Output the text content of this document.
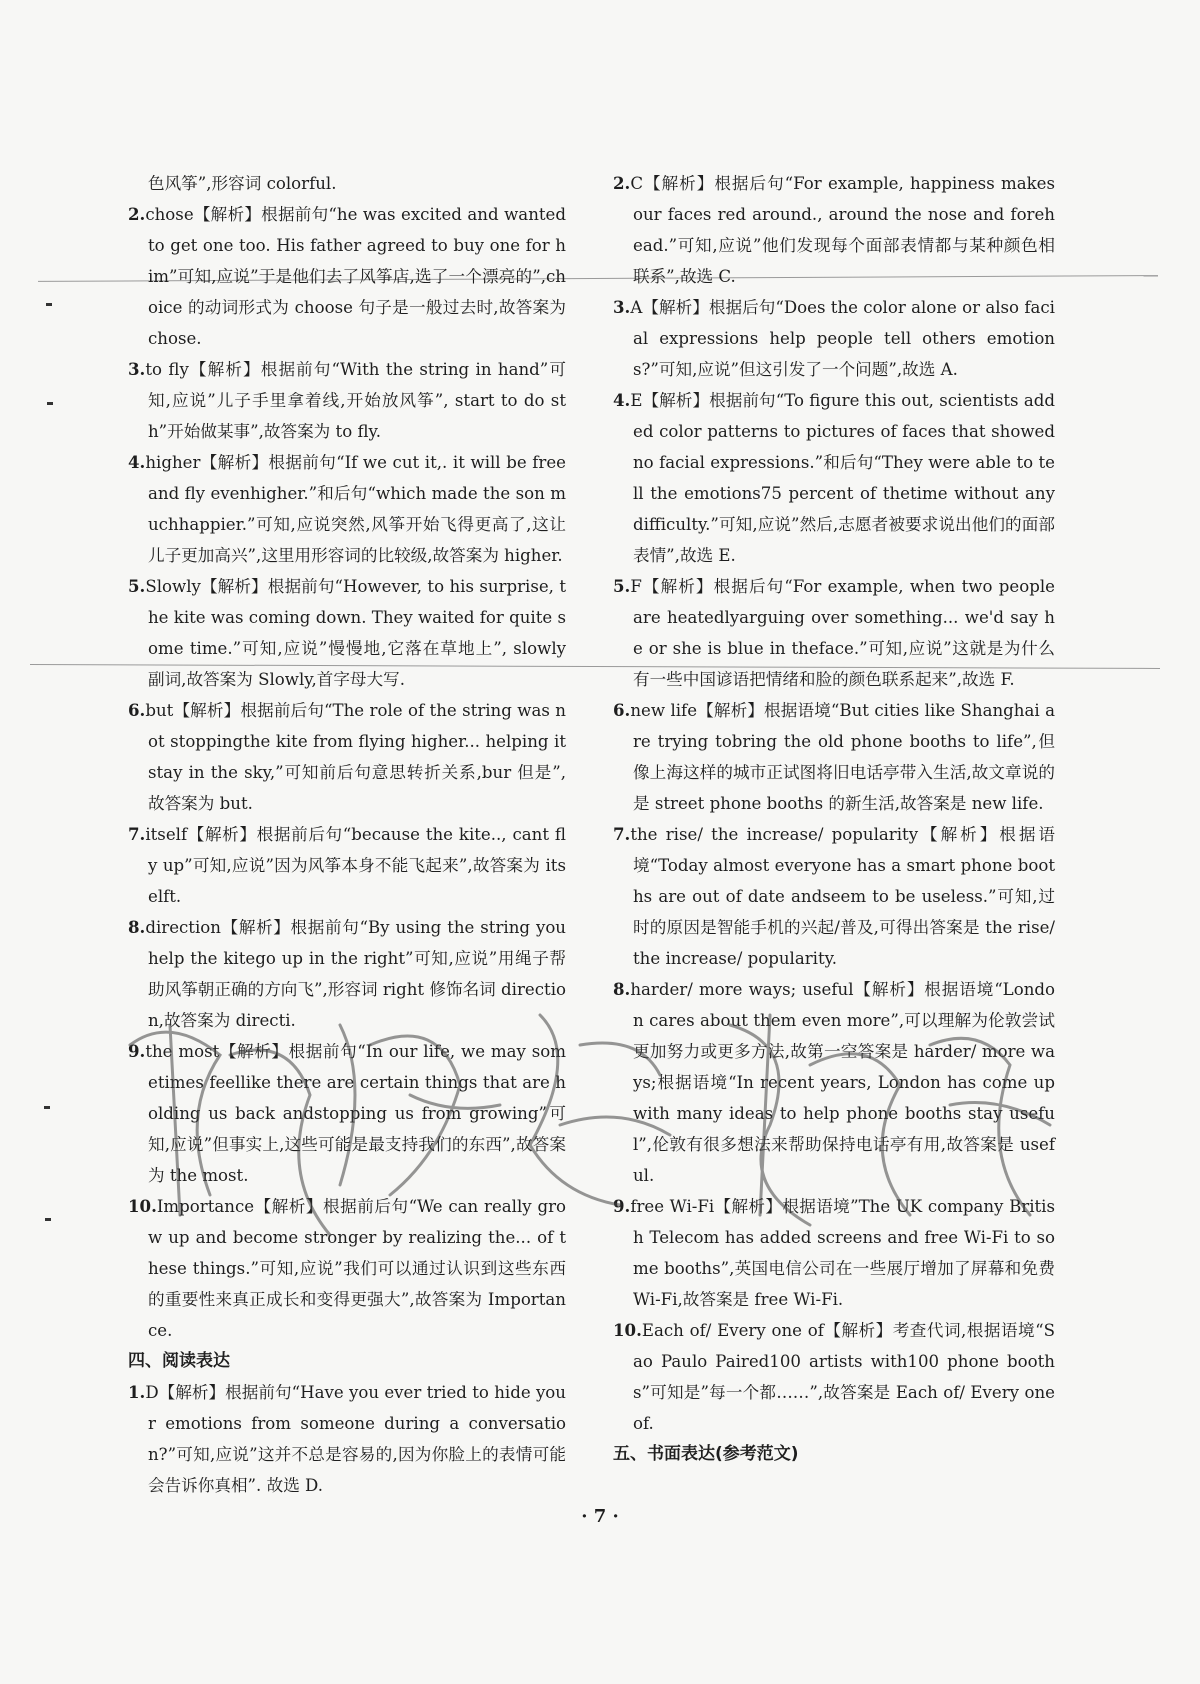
色风筝”,形容词 colorful.

2.chose【解析】根据前句“he was excited and wanted to get one too. His father agreed to buy one for him”可知,应说”于是他们去了风筝店,选了一个漂亮的”,choice 的动词形式为 choose 句子是一般过去时,故答案为 chose.

3.to fly【解析】根据前句“With the string in hand”可知,应说”儿子手里拿着线,开始放风筝”, start to do sth”开始做某事”,故答案为 to fly.

4.higher【解析】根据前句“If we cut it,. it will be free and fly evenhigher.”和后句“which made the son muchhappier.”可知,应说突然,风筝开始飞得更高了,这让儿子更加高兴”,这里用形容词的比较级,故答案为 higher.

5.Slowly【解析】根据前句“However, to his surprise, the kite was coming down. They waited for quite some time.”可知,应说”慢慢地,它落在草地上”, slowly 副词,故答案为 Slowly,首字母大写.

6.but【解析】根据前后句“The role of the string was not stoppingthe kite from flying higher... helping it stay in the sky,”可知前后句意思转折关系,bur 但是”,故答案为 but.

7.itself【解析】根据前后句“because the kite.., cant fly up”可知,应说”因为风筝本身不能飞起来”,故答案为 itselft.

8.direction【解析】根据前句“By using the string you help the kitego up in the right”可知,应说”用绳子帮助风筝朝正确的方向飞”,形容词 right 修饰名词 direction,故答案为 directi.

9.the most【解析】根据前句“In our life, we may sometimes feellike there are certain things that are holding us back andstopping us from growing”可知,应说”但事实上,这些可能是最支持我们的东西”,故答案为 the most.

10.Importance【解析】根据前后句“We can really grow up and become stronger by realizing the... of these things.”可知,应说”我们可以通过认识到这些东西的重要性来真正成长和变得更强大”,故答案为 Importance.

四、阅读表达

1.D【解析】根据前句“Have you ever tried to hide your emotions from someone during a conversation?”可知,应说”这并不总是容易的,因为你脸上的表情可能会告诉你真相”. 故选 D.

2.C【解析】根据后句“For example, happiness makes our faces red around., around the nose and forehead.”可知,应说”他们发现每个面部表情都与某种颜色相联系”,故选 C.

3.A【解析】根据后句“Does the color alone or also facial expressions help people tell others emotions?”可知,应说”但这引发了一个问题”,故选 A.

4.E【解析】根据前句“To figure this out, scientists added color patterns to pictures of faces that showed no facial expressions.”和后句“They were able to tell the emotions75 percent of thetime without any difficulty.”可知,应说”然后,志愿者被要求说出他们的面部表情”,故选 E.

5.F【解析】根据后句“For example, when two people are heatedlyarguing over something... we'd say he or she is blue in theface.”可知,应说”这就是为什么有一些中国谚语把情绪和脸的颜色联系起来”,故选 F.

6.new life【解析】根据语境“But cities like Shanghai are trying tobring the old phone booths to life”,但像上海这样的城市正试图将旧电话亭带入生活,故文章说的是 street phone booths 的新生活,故答案是 new life.

7.the rise/ the increase/ popularity【解析】根据语境“Today almost everyone has a smart phone booths are out of date andseem to be useless.”可知,过时的原因是智能手机的兴起/普及,可得出答案是 the rise/ the increase/ popularity.

8.harder/ more ways; useful【解析】根据语境“London cares about them even more”,可以理解为伦敦尝试更加努力或更多方法,故第一空答案是 harder/ more ways;根据语境“In recent years, London has come up with many ideas to help phone booths stay useful”,伦敦有很多想法来帮助保持电话亭有用,故答案是 useful.

9.free Wi-Fi【解析】根据语境”The UK company British Telecom has added screens and free Wi-Fi to some booths”,英国电信公司在一些展厅增加了屏幕和免费 Wi-Fi,故答案是 free Wi-Fi.

10.Each of/ Every one of【解析】考查代词,根据语境“Sao Paulo Paired100 artists with100 phone booths”可知是”每一个都……”,故答案是 Each of/ Every one of.

五、书面表达(参考范文)

· 7 ·
